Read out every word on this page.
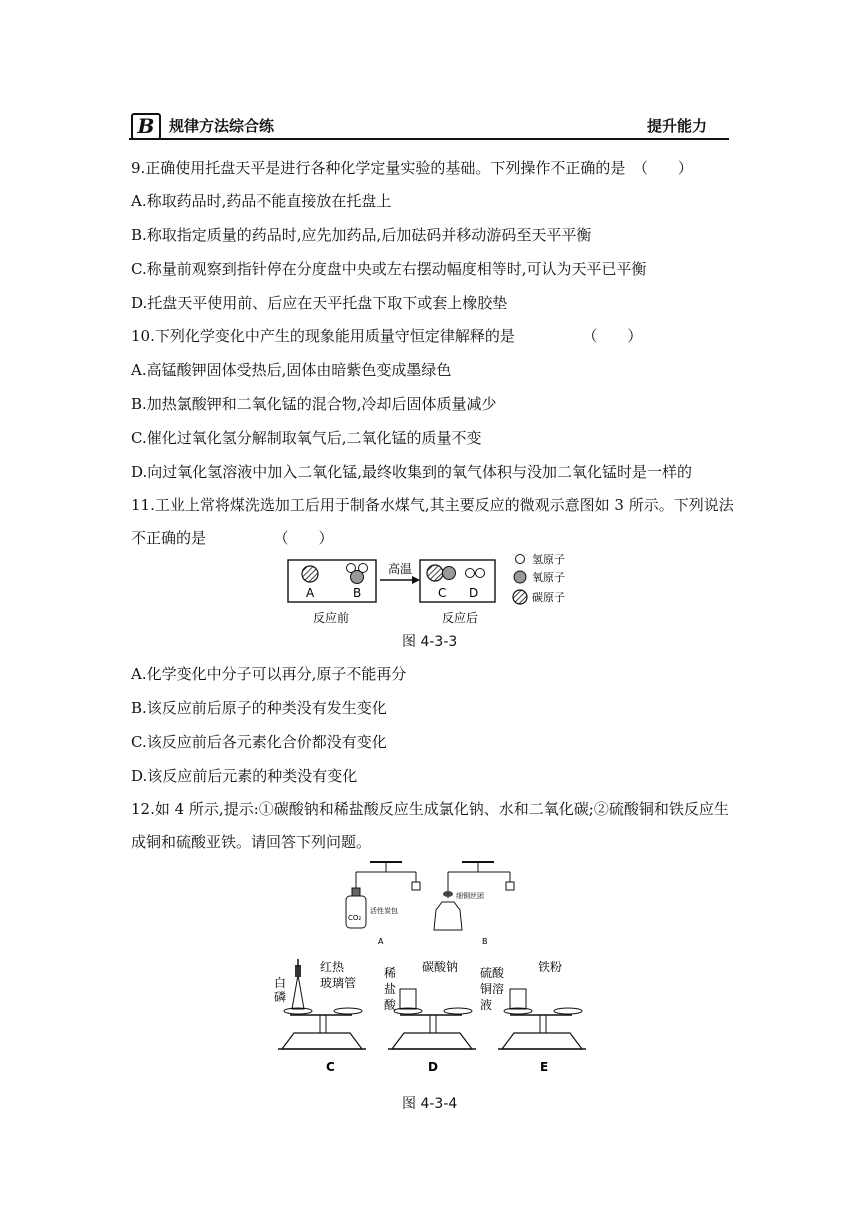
B 规律方法综合练	提升能力
9.正确使用托盘天平是进行各种化学定量实验的基础。下列操作不正确的是　（　　）
A.称取药品时,药品不能直接放在托盘上
B.称取指定质量的药品时,应先加药品,后加砝码并移动游码至天平平衡
C.称量前观察到指针停在分度盘中央或左右摆动幅度相等时,可认为天平已平衡
D.托盘天平使用前、后应在天平托盘下取下或套上橡胶垫
10.下列化学变化中产生的现象能用质量守恒定律解释的是　　　　　（　　）
A.高锰酸钾固体受热后,固体由暗紫色变成墨绿色
B.加热氯酸钾和二氧化锰的混合物,冷却后固体质量减少
C.催化过氧化氢分解制取氧气后,二氧化锰的质量不变
D.向过氧化氢溶液中加入二氧化锰,最终收集到的氧气体积与没加二氧化锰时是一样的
11.工业上常将煤洗选加工后用于制备水煤气,其主要反应的微观示意图如 3 所示。下列说法
不正确的是　　　　　（　　）
A	B
反应前
高温
C D
反应后
氢原子
氧原子
碳原子
图 4-3-3
A.化学变化中分子可以再分,原子不能再分
B.该反应前后原子的种类没有发生变化
C.该反应前后各元素化合价都没有变化
D.该反应前后元素的种类没有变化
12.如 4 所示,提示:①碳酸钠和稀盐酸反应生成氯化钠、水和二氧化碳;②硫酸铜和铁反应生
成铜和硫酸亚铁。请回答下列问题。
CO₂
活性炭包
A
细铜丝团
B
白
磷
红热
玻璃管
C
稀
盐
酸
碳酸钠
D
硫酸
铜溶
液
铁粉
E
图 4-3-4
